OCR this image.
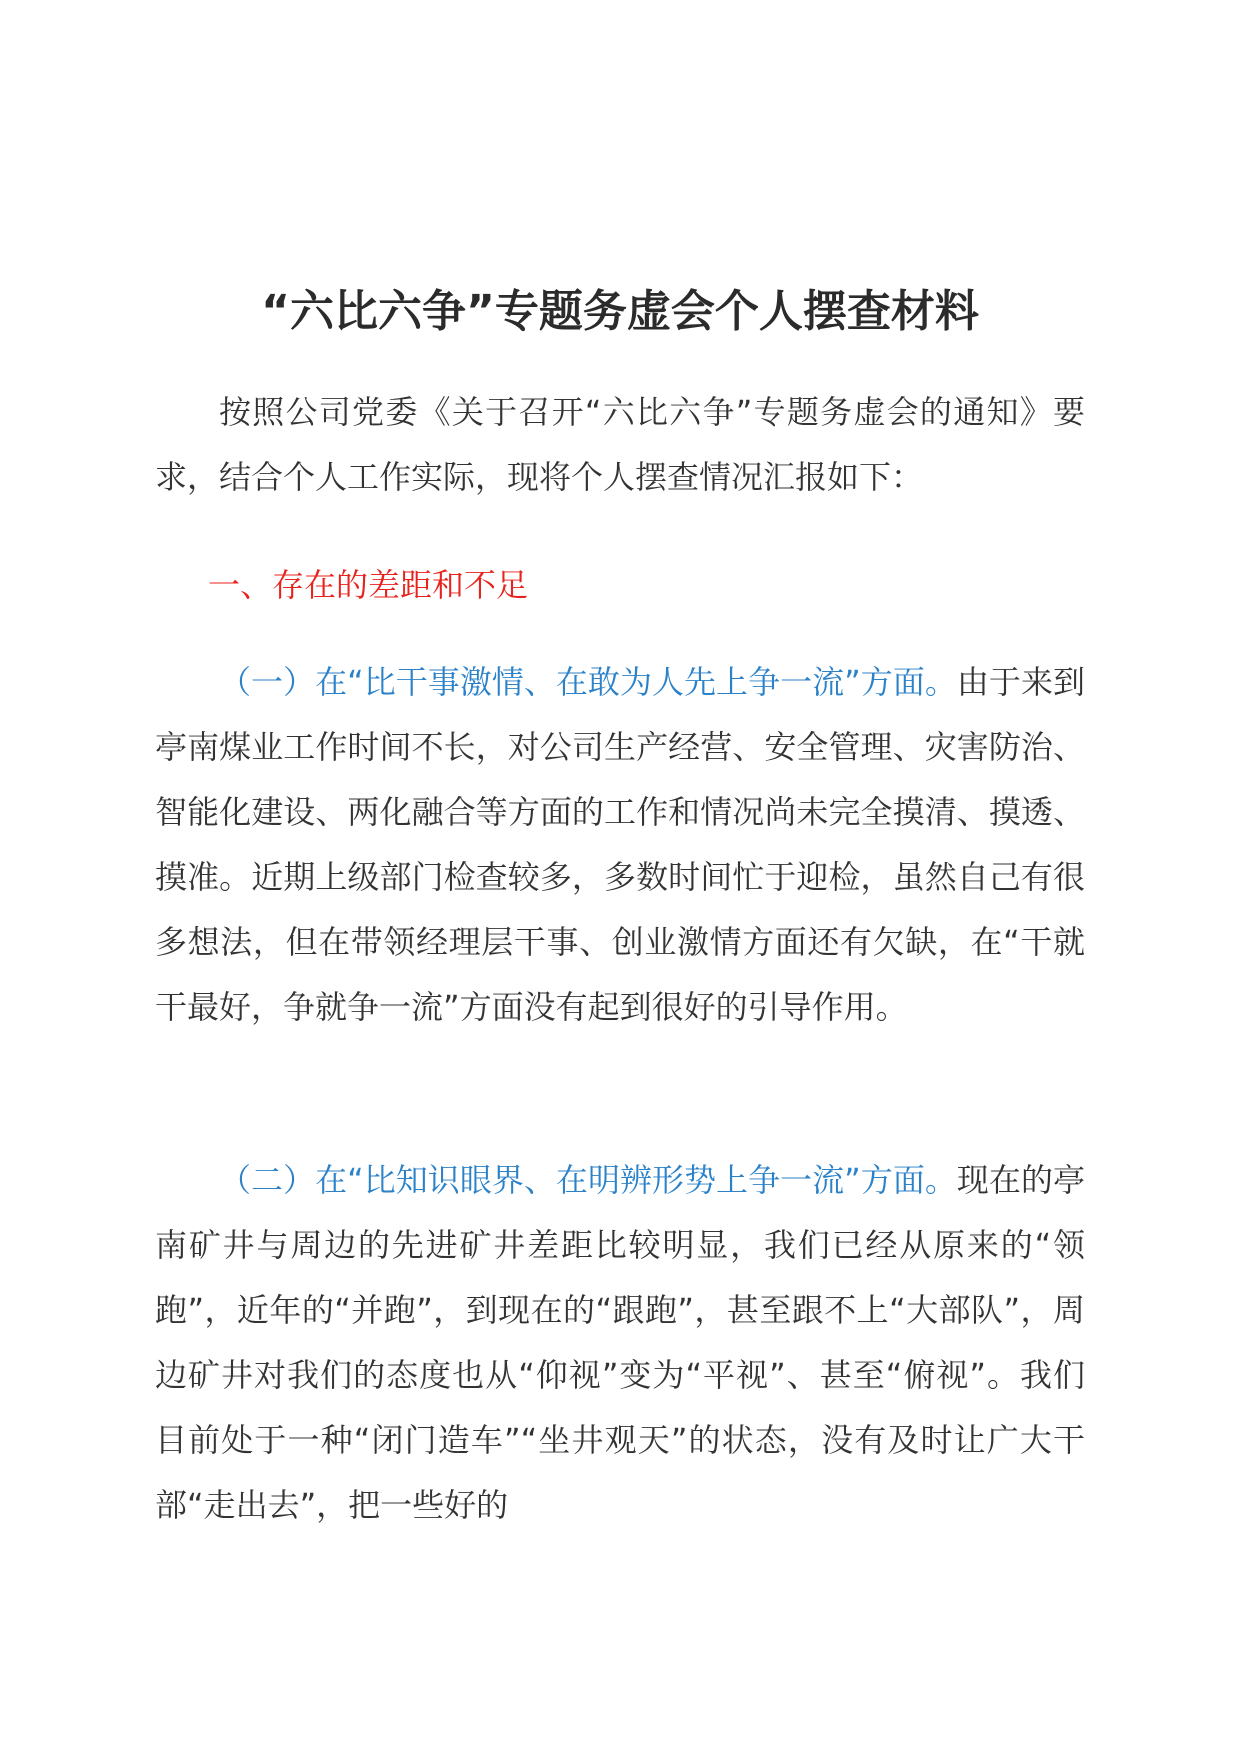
“六比六争”专题务虚会个人摆查材料

按照公司党委《关于召开“六比六争”专题务虚会的通知》要求，结合个人工作实际，现将个人摆查情况汇报如下：

一、存在的差距和不足

（一）在“比干事激情、在敢为人先上争一流”方面。由于来到亭南煤业工作时间不长，对公司生产经营、安全管理、灾害防治、智能化建设、两化融合等方面的工作和情况尚未完全摸清、摸透、摸准。近期上级部门检查较多，多数时间忙于迎检，虽然自己有很多想法，但在带领经理层干事、创业激情方面还有欠缺，在“干就干最好，争就争一流”方面没有起到很好的引导作用。

（二）在“比知识眼界、在明辨形势上争一流”方面。现在的亭南矿井与周边的先进矿井差距比较明显，我们已经从原来的“领跑”，近年的“并跑”，到现在的“跟跑”，甚至跟不上“大部队”，周边矿井对我们的态度也从“仰视”变为“平视”、甚至“俯视”。我们目前处于一种“闭门造车”“坐井观天”的状态，没有及时让广大干部“走出去”，把一些好的
